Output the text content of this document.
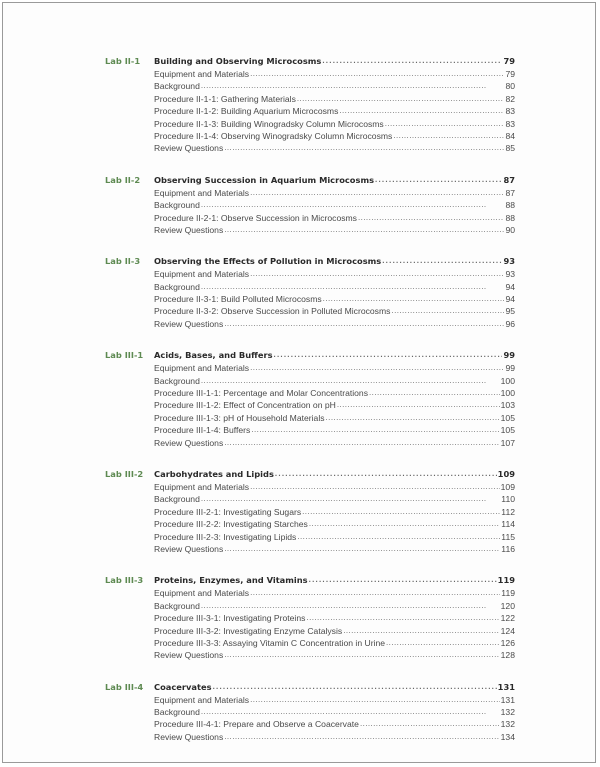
Lab II-1	Building and Observing Microcosms . . .	79
Equipment and Materials . . .	79
Background . . .	80
Procedure II-1-1: Gathering Materials . . .	82
Procedure II-1-2: Building Aquarium Microcosms . . .	83
Procedure II-1-3: Building Winogradsky Column Microcosms . . .	83
Procedure II-1-4: Observing Winogradsky Column Microcosms . . .	84
Review Questions . . .	85
Lab II-2	Observing Succession in Aquarium Microcosms . . .	87
Equipment and Materials . . .	87
Background . . .	88
Procedure II-2-1: Observe Succession in Microcosms . . .	88
Review Questions . . .	90
Lab II-3	Observing the Effects of Pollution in Microcosms . . .	93
Equipment and Materials . . .	93
Background . . .	94
Procedure II-3-1: Build Polluted Microcosms . . .	94
Procedure II-3-2: Observe Succession in Polluted Microcosms . . .	95
Review Questions . . .	96
Lab III-1	Acids, Bases, and Buffers . . .	99
Equipment and Materials . . .	99
Background . . .	100
Procedure III-1-1: Percentage and Molar Concentrations . . .	100
Procedure III-1-2: Effect of Concentration on pH . . .	103
Procedure III-1-3: pH of Household Materials . . .	105
Procedure III-1-4: Buffers . . .	105
Review Questions . . .	107
Lab III-2	Carbohydrates and Lipids . . .	109
Equipment and Materials . . .	109
Background . . .	110
Procedure III-2-1: Investigating Sugars . . .	112
Procedure III-2-2: Investigating Starches . . .	114
Procedure III-2-3: Investigating Lipids . . .	115
Review Questions . . .	116
Lab III-3	Proteins, Enzymes, and Vitamins . . .	119
Equipment and Materials . . .	119
Background . . .	120
Procedure III-3-1: Investigating Proteins . . .	122
Procedure III-3-2: Investigating Enzyme Catalysis . . .	124
Procedure III-3-3: Assaying Vitamin C Concentration in Urine . . .	126
Review Questions . . .	128
Lab III-4	Coacervates . . .	131
Equipment and Materials . . .	131
Background . . .	132
Procedure III-4-1: Prepare and Observe a Coacervate . . .	132
Review Questions . . .	134
